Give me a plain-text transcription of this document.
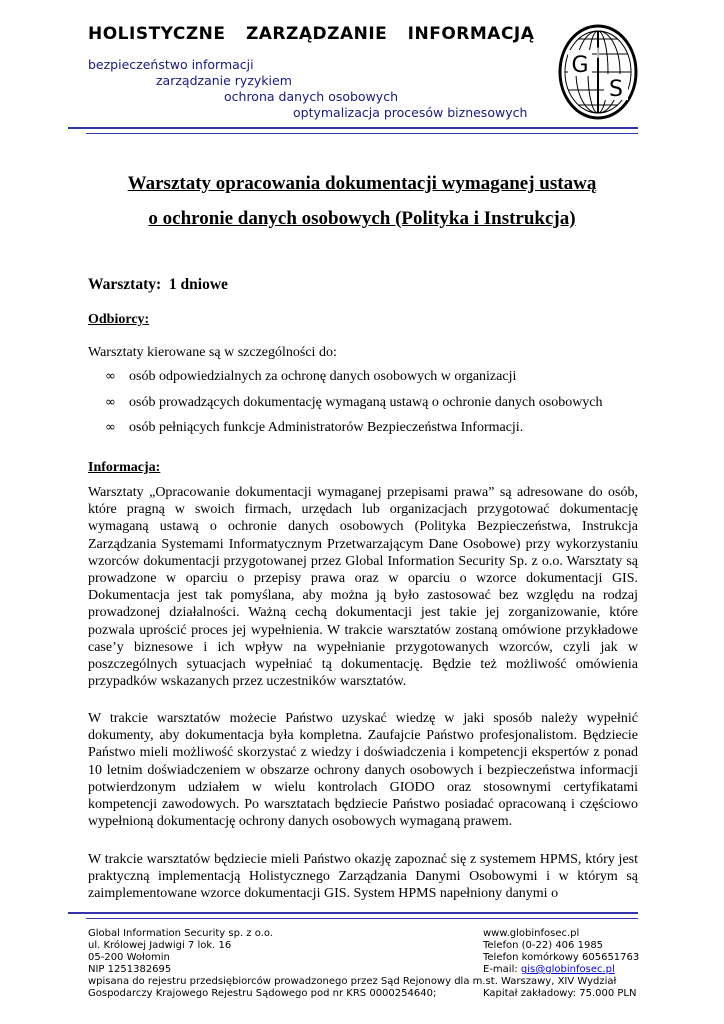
HOLISTYCZNE ZARZĄDZANIE INFORMACJĄ
bezpieczeństwo informacji
zarządzanie ryzykiem
ochrona danych osobowych
optymalizacja procesów biznesowych
G I
S
Warsztaty opracowania dokumentacji wymaganej ustawą
o ochronie danych osobowych (Polityka i Instrukcja)
Warsztaty: 1 dniowe
Odbiorcy:
Warsztaty kierowane są w szczególności do:
∞ osób odpowiedzialnych za ochronę danych osobowych w organizacji
∞ osób prowadzących dokumentację wymaganą ustawą o ochronie danych osobowych
∞ osób pełniących funkcje Administratorów Bezpieczeństwa Informacji.
Informacja:
Warsztaty „Opracowanie dokumentacji wymaganej przepisami prawa” są adresowane do osób, które pragną w swoich firmach, urzędach lub organizacjach przygotować dokumentację wymaganą ustawą o ochronie danych osobowych (Polityka Bezpieczeństwa, Instrukcja Zarządzania Systemami Informatycznym Przetwarzającym Dane Osobowe) przy wykorzystaniu wzorców dokumentacji przygotowanej przez Global Information Security Sp. z o.o. Warsztaty są prowadzone w oparciu o przepisy prawa oraz w oparciu o wzorce dokumentacji GIS. Dokumentacja jest tak pomyślana, aby można ją było zastosować bez względu na rodzaj prowadzonej działalności. Ważną cechą dokumentacji jest takie jej zorganizowanie, które pozwala uprościć proces jej wypełnienia. W trakcie warsztatów zostaną omówione przykładowe case’y biznesowe i ich wpływ na wypełnianie przygotowanych wzorców, czyli jak w poszczególnych sytuacjach wypełniać tą dokumentację. Będzie też możliwość omówienia przypadków wskazanych przez uczestników warsztatów.
W trakcie warsztatów możecie Państwo uzyskać wiedzę w jaki sposób należy wypełnić dokumenty, aby dokumentacja była kompletna. Zaufajcie Państwo profesjonalistom. Będziecie Państwo mieli możliwość skorzystać z wiedzy i doświadczenia i kompetencji ekspertów z ponad 10 letnim doświadczeniem w obszarze ochrony danych osobowych i bezpieczeństwa informacji potwierdzonym udziałem w wielu kontrolach GIODO oraz stosownymi certyfikatami kompetencji zawodowych. Po warsztatach będziecie Państwo posiadać opracowaną i częściowo wypełnioną dokumentację ochrony danych osobowych wymaganą prawem.
W trakcie warsztatów będziecie mieli Państwo okazję zapoznać się z systemem HPMS, który jest praktyczną implementacją Holistycznego Zarządzania Danymi Osobowymi i w którym są zaimplementowane wzorce dokumentacji GIS. System HPMS napełniony danymi o
Global Information Security sp. z o.o.
ul. Królowej Jadwigi 7 lok. 16
05-200 Wołomin
NIP 1251382695
wpisana do rejestru przedsiębiorców prowadzonego przez Sąd Rejonowy dla m.st. Warszawy, XIV Wydział
Gospodarczy Krajowego Rejestru Sądowego pod nr KRS 0000254640;
www.globinfosec.pl
Telefon (0-22) 406 1985
Telefon komórkowy 605651763
E-mail: gis@globinfosec.pl
Kapitał zakładowy: 75.000 PLN
